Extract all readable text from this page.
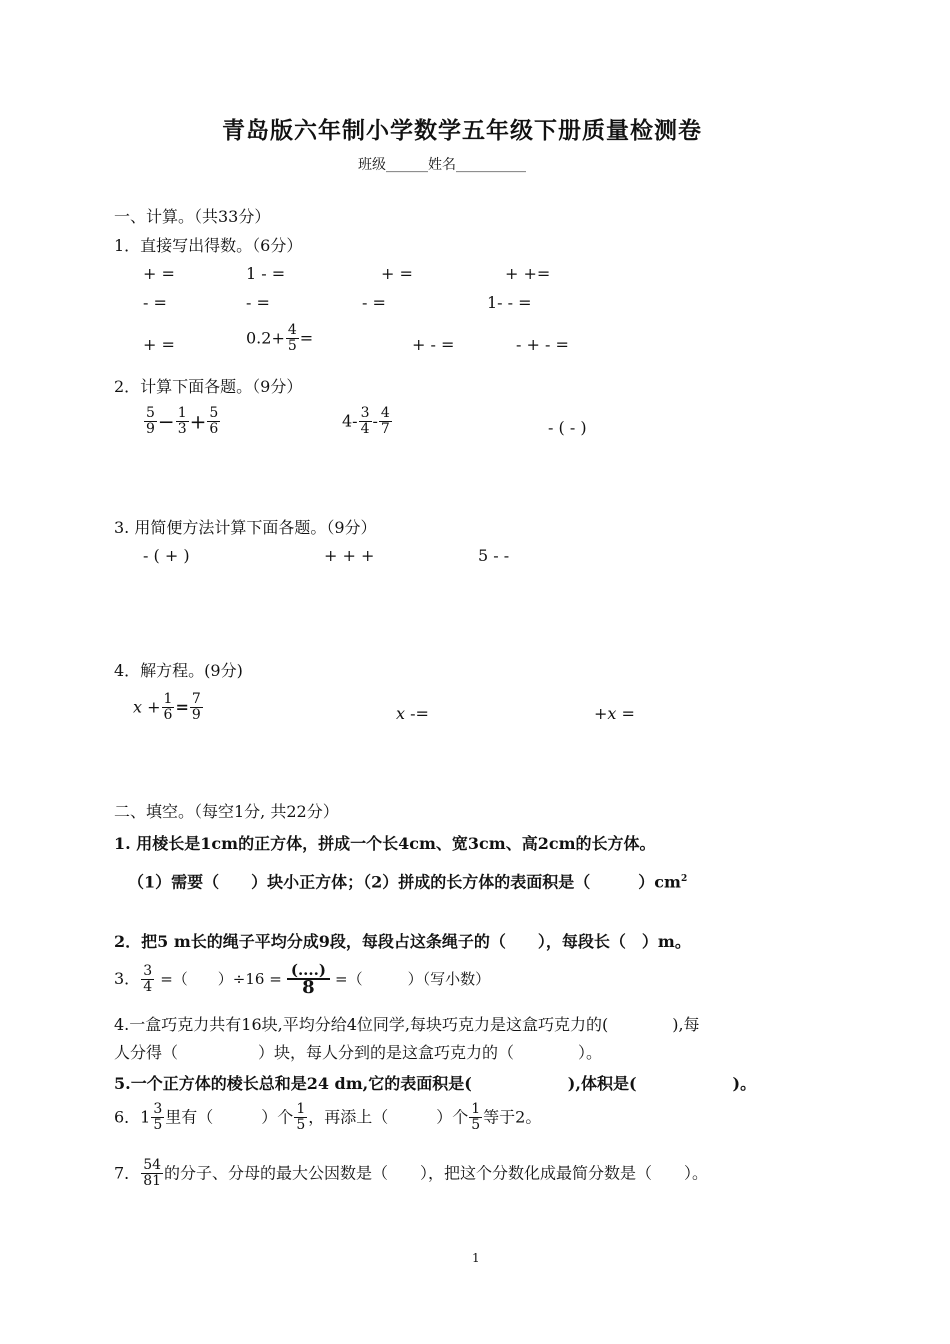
青岛版六年制小学数学五年级下册质量检测卷
班级______姓名__________
一、计算。（共33分）
1．直接写出得数。（6分）
+ =	1 - =	+ =	+ +=
- =	- =	- =	1- - =
+ =	$0.2+ \frac{4}{5}$ =	+ - =	- + - =
2．计算下面各题。（9分）
$\frac{5}{9} - \frac{1}{3} + \frac{5}{6}$	$4- \frac{3}{4} - \frac{4}{7}$	- ( - )
3. 用简便方法计算下面各题。（9分）
- ( + )	+ + +	5 - -
4．解方程。(9分)
$x + \frac{1}{6} = \frac{7}{9}$	x -=	+x =
二、填空。（每空1分, 共22分）
1. 用棱长是1cm的正方体，拼成一个长4cm、宽3cm、高2cm的长方体。
（1）需要（　　）块小正方体；（2）拼成的长方体的表面积是（　　　）$cm^2$
2．把5 m长的绳子平均分成9段，每段占这条绳子的（　　），每段长（　）m。
3． $\frac{3}{4}$ =（　　）$\div 16 = \frac{(....)}{8}$ =（　　　）（写小数）
4.一盒巧克力共有16块,平均分给4位同学,每块巧克力是这盒巧克力的(　　　　),每
人分得（　　　　　）块，每人分到的是这盒巧克力的（　　　　）。
5.一个正方体的棱长总和是24 dm,它的表面积是(　　　　　　),体积是(　　　　　　)。
6．$1 \frac{3}{5}$ 里有（　　　）个 $\frac{1}{5}$ ，再添上（　　　）个 $\frac{1}{5}$ 等于2。
7． $\frac{54}{81}$ 的分子、分母的最大公因数是（　　），把这个分数化成最简分数是（　　）。
1
